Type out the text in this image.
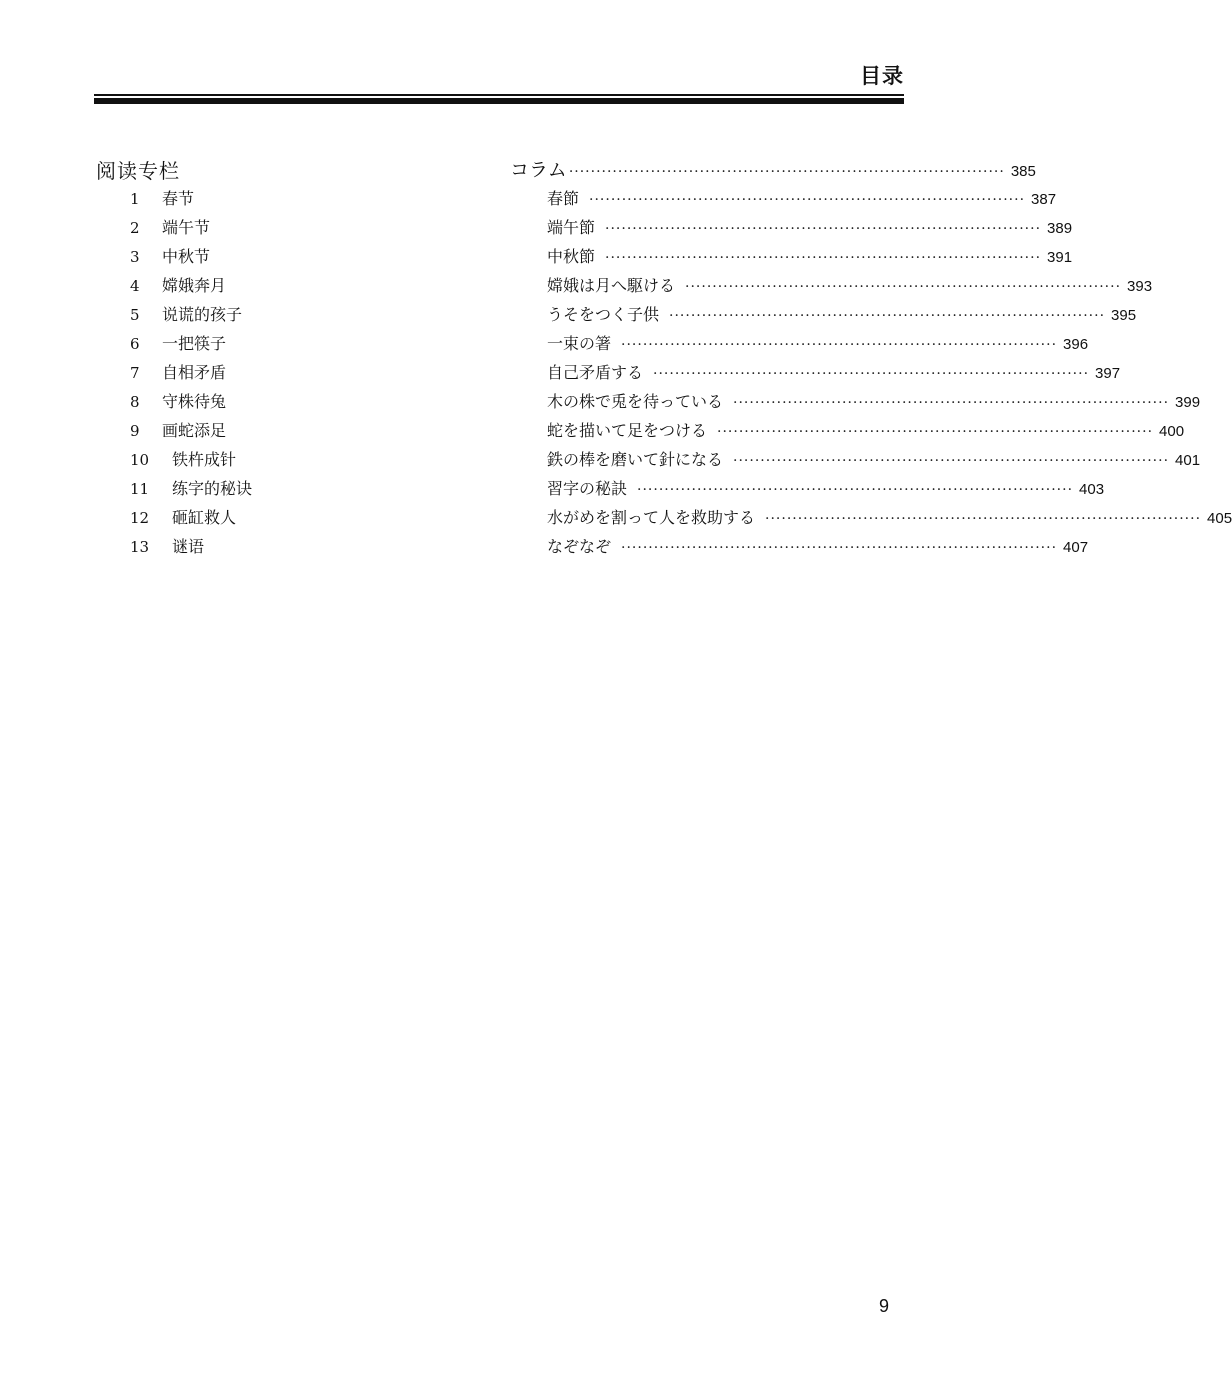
目录
阅读专栏
1 春节
2 端午节
3 中秋节
4 嫦娥奔月
5 说谎的孩子
6 一把筷子
7 自相矛盾
8 守株待兔
9 画蛇添足
10 铁杵成针
11 练字的秘诀
12 砸缸救人
13 谜语
コラム ················································································ 385
春節 ················································································ 387
端午節 ················································································ 389
中秋節 ················································································ 391
嫦娥は月へ駆ける ················································································ 393
うそをつく子供 ················································································ 395
一束の箸 ················································································ 396
自己矛盾する ················································································ 397
木の株で兎を待っている ················································································ 399
蛇を描いて足をつける ················································································ 400
鉄の棒を磨いて針になる ················································································ 401
習字の秘訣 ················································································ 403
水がめを割って人を救助する ················································································ 405
なぞなぞ ················································································ 407
9
